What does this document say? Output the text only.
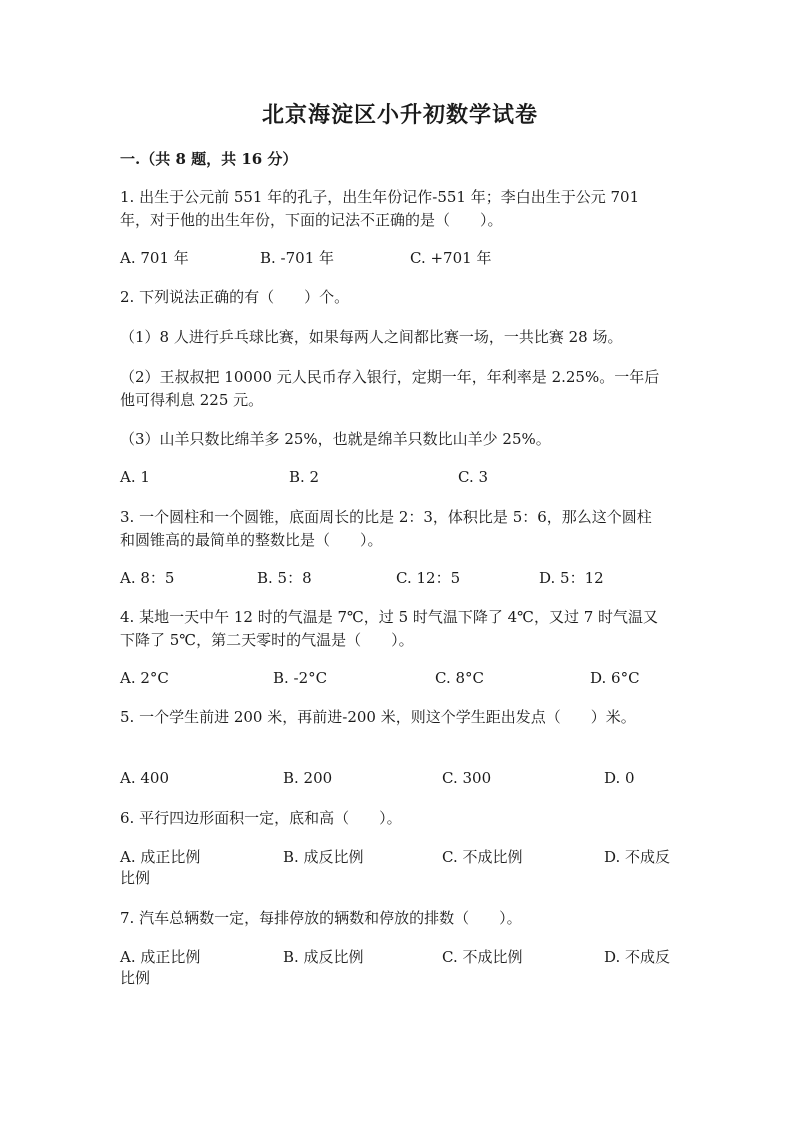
北京海淀区小升初数学试卷
一.（共 8 题，共 16 分）
1. 出生于公元前 551 年的孔子，出生年份记作-551 年；李白出生于公元 701
年，对于他的出生年份，下面的记法不正确的是（　　）。
A. 701 年	B. -701 年	C. +701 年
2. 下列说法正确的有（　　）个。
（1）8 人进行乒乓球比赛，如果每两人之间都比赛一场，一共比赛 28 场。
（2）王叔叔把 10000 元人民币存入银行，定期一年，年利率是 2.25%。一年后
他可得利息 225 元。
（3）山羊只数比绵羊多 25%，也就是绵羊只数比山羊少 25%。
A. 1	B. 2	C. 3
3. 一个圆柱和一个圆锥，底面周长的比是 2：3，体积比是 5：6，那么这个圆柱
和圆锥高的最简单的整数比是（　　）。
A. 8：5	B. 5：8	C. 12：5	D. 5：12
4. 某地一天中午 12 时的气温是 7℃，过 5 时气温下降了 4℃，又过 7 时气温又
下降了 5℃，第二天零时的气温是（　　）。
A. 2°C	B. -2°C	C. 8°C	D. 6°C
5. 一个学生前进 200 米，再前进-200 米，则这个学生距出发点（　　）米。
A. 400	B. 200	C. 300	D. 0
6. 平行四边形面积一定，底和高（　　）。
A. 成正比例	B. 成反比例	C. 不成比例	D. 不成反
比例
7. 汽车总辆数一定，每排停放的辆数和停放的排数（　　）。
A. 成正比例	B. 成反比例	C. 不成比例	D. 不成反
比例
